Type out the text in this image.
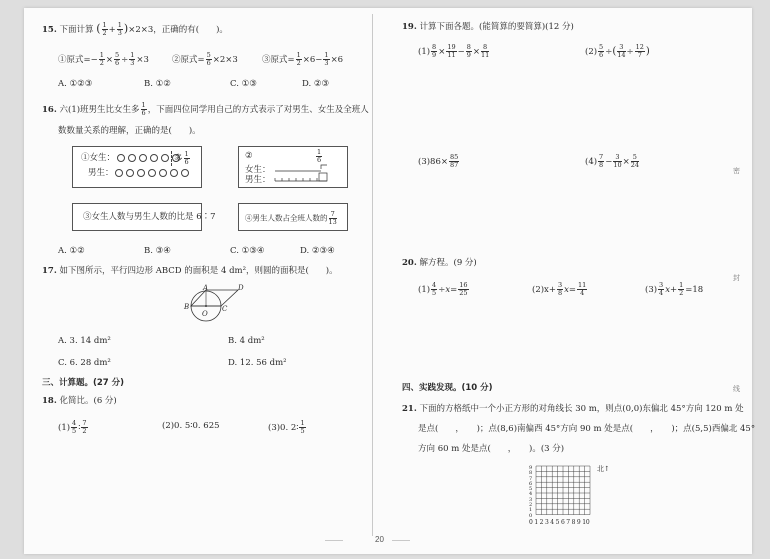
15. 下面计算 ( $\frac{1}{2} + \frac{1}{3} )\times 2\times 3$，正确的有(　　)。
①原式=− $\frac{1}{2} \times \frac{5}{6} \div \frac{1}{3} \times 3$	②原式= $\frac{5}{6} \times 2\times 3$	③原式= $\frac{1}{2} \times 6- \frac{1}{3} \times 6$
A. ①②③	B. ①②	C. ①③	D. ②③
16. 六(1)班男生比女生多 $\frac{1}{6}$ ，下面四位同学用自己的方式表示了对男生、女生及全班人
数数量关系的理解，正确的是(　　)。
①女生：	多 $\frac{1}{6}$
男生：
②	$\frac{1}{6}$
女生：
男生：
③女生人数与男生人数的比是 6∶7	④男生人数占全班人数的 $\frac{7}{13}$
A. ①②	B. ③④	C. ①③④	D. ②③④
17. 如下图所示，平行四边形 ABCD 的面积是 4 dm²，则圆的面积是(　　)。
A
B
O
C
D
A. 3. 14 dm²	B. 4 dm²
C. 6. 28 dm²	D. 12. 56 dm²
三、计算题。(27 分)
18. 化简比。(6 分)
$(1) \frac{4}{5}$ ∶ $\frac{7}{2}$	(2)0. 5∶0. 625	(3)0. 2∶ $\frac{1}{5}$
19. 计算下面各题。(能简算的要简算)(12 分)
$(1) \frac{8}{9} \times \frac{19}{11} - \frac{8}{9} \times \frac{8}{11}$	$(2) \frac{5}{6}$ ÷( $\frac{3}{14} \div \frac{12}{7}$ )
$(3)86\times \frac{85}{87}$	$(4) \frac{7}{8} - \frac{3}{10} \times \frac{5}{24}$
20. 解方程。(9 分)
$(1) \frac{4}{5} \div x= \frac{16}{25}$	$(2)x+ \frac{3}{8} x= \frac{11}{4}$	$(3) \frac{3}{4} x+ \frac{1}{2} =18$
四、实践发现。(10 分)
21. 下面的方格纸中一个小正方形的对角线长 30 m，则点(0,0)东偏北 45°方向 120 m 处
是点(　　，　　)；点(8,6)南偏西 45°方向 90 m 处是点(　　，　　)；点(5,5)西偏北 45°
方向 60 m 处是点(　　，　　)。(3 分)
北↑
0 1 2 3 4 5 6 7 8 9 10
9
8
7
6
5
4
3
2
1
0
密
封
线
20
